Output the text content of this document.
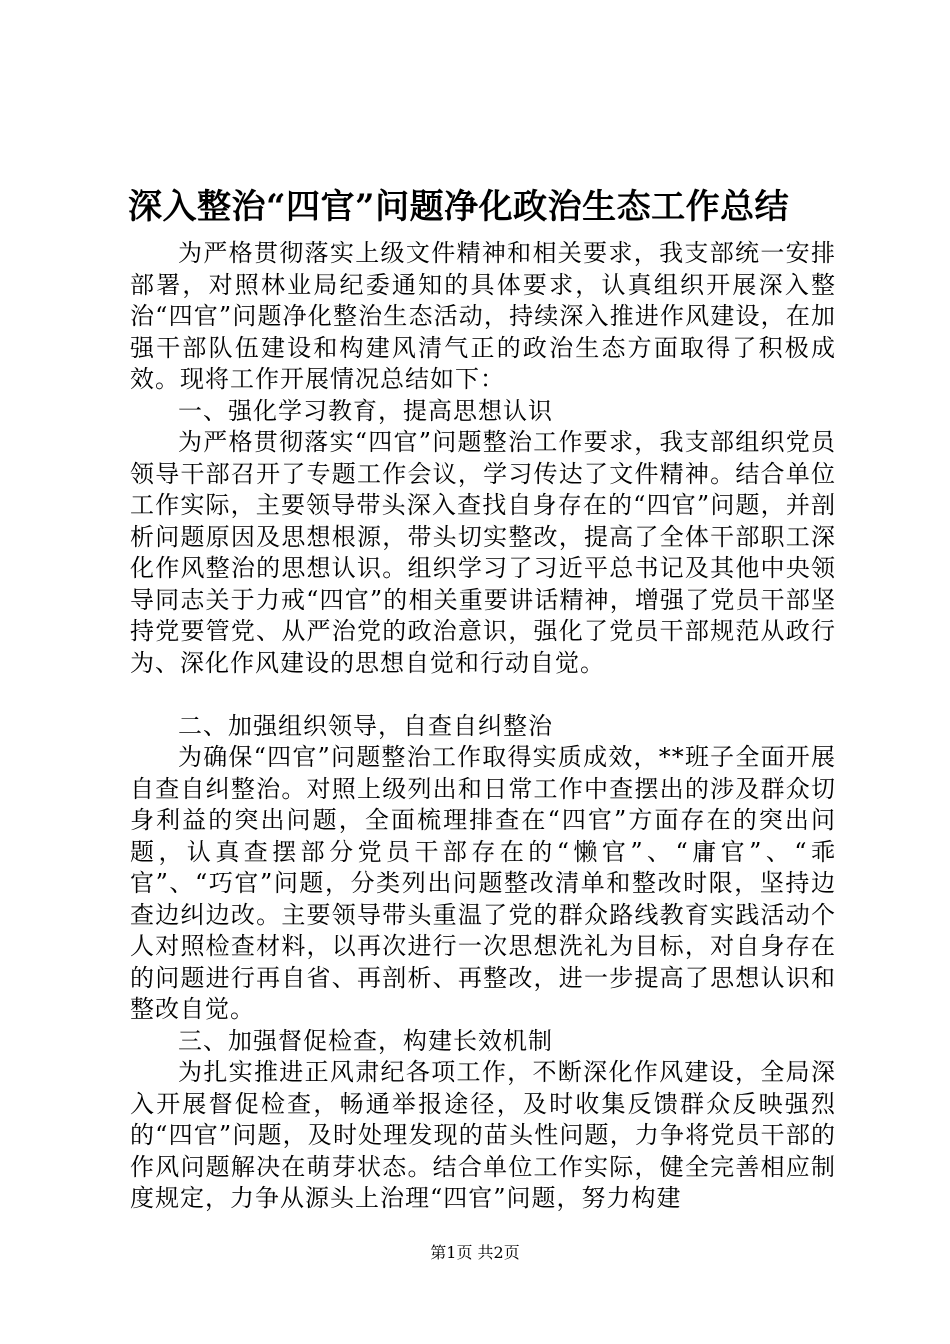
深入整治“四官”问题净化政治生态工作总结

为严格贯彻落实上级文件精神和相关要求，我支部统一安排部署，对照林业局纪委通知的具体要求，认真组织开展深入整治“四官”问题净化整治生态活动，持续深入推进作风建设，在加强干部队伍建设和构建风清气正的政治生态方面取得了积极成效。现将工作开展情况总结如下：

一、强化学习教育，提高思想认识

为严格贯彻落实“四官”问题整治工作要求，我支部组织党员领导干部召开了专题工作会议，学习传达了文件精神。结合单位工作实际，主要领导带头深入查找自身存在的“四官”问题，并剖析问题原因及思想根源，带头切实整改，提高了全体干部职工深化作风整治的思想认识。组织学习了习近平总书记及其他中央领导同志关于力戒“四官”的相关重要讲话精神，增强了党员干部坚持党要管党、从严治党的政治意识，强化了党员干部规范从政行为、深化作风建设的思想自觉和行动自觉。

二、加强组织领导，自查自纠整治

为确保“四官”问题整治工作取得实质成效，**班子全面开展自查自纠整治。对照上级列出和日常工作中查摆出的涉及群众切身利益的突出问题，全面梳理排查在“四官”方面存在的突出问题，认真查摆部分党员干部存在的“懒官”、“庸官”、“乖官”、“巧官”问题，分类列出问题整改清单和整改时限，坚持边查边纠边改。主要领导带头重温了党的群众路线教育实践活动个人对照检查材料，以再次进行一次思想洗礼为目标，对自身存在的问题进行再自省、再剖析、再整改，进一步提高了思想认识和整改自觉。

三、加强督促检查，构建长效机制

为扎实推进正风肃纪各项工作，不断深化作风建设，全局深入开展督促检查，畅通举报途径，及时收集反馈群众反映强烈的“四官”问题，及时处理发现的苗头性问题，力争将党员干部的作风问题解决在萌芽状态。结合单位工作实际，健全完善相应制度规定，力争从源头上治理“四官”问题，努力构建

第1页 共2页
